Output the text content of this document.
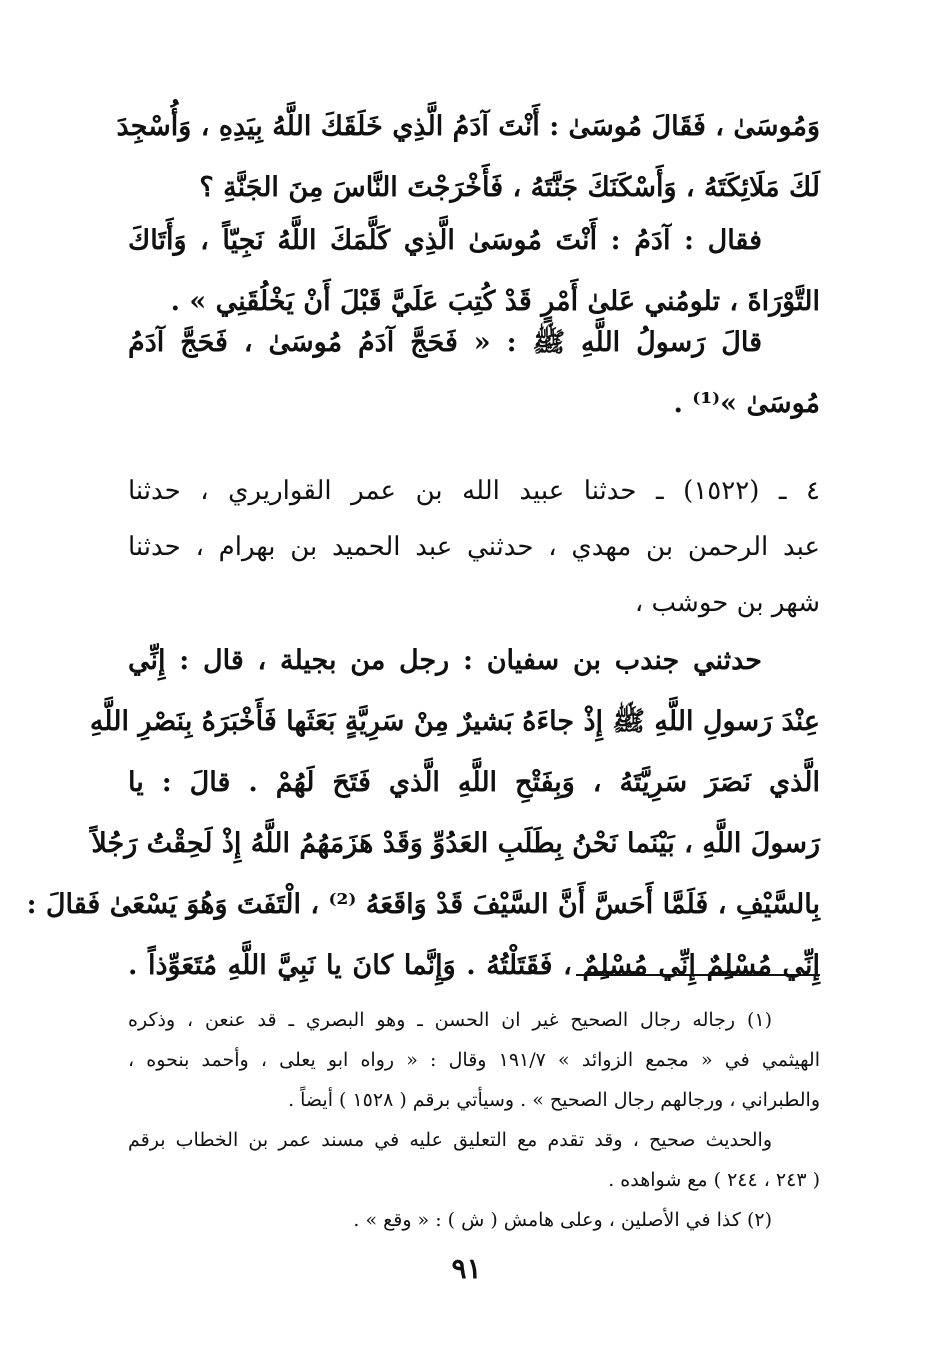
وَمُوسَىٰ ، فَقَالَ مُوسَىٰ : أَنْتَ آدَمُ الَّذِي خَلَقَكَ اللَّهُ بِيَدِهِ ، وَأُسْجِدَ
لَكَ مَلَائِكَتَهُ ، وَأَسْكَنَكَ جَنَّتَهُ ، فَأَخْرَجْتَ النَّاسَ مِنَ الجَنَّةِ ؟
فقال : آدَمُ : أَنْتَ مُوسَىٰ الَّذِي كَلَّمَكَ اللَّهُ نَجِيّاً ، وَأَتَاكَ
التَّوْرَاةَ ، تلومُني عَلىٰ أَمْرٍ قَدْ كُتِبَ عَلَيَّ قَبْلَ أَنْ يَخْلُقَنِي » .
قالَ رَسولُ اللَّهِ ﷺ : « فَحَجَّ آدَمُ مُوسَىٰ ، فَحَجَّ آدَمُ
مُوسَىٰ »⁽¹⁾ .
٤ ـ (١٥٢٢) ـ حدثنا عبيد الله بن عمر القواريري ، حدثنا
عبد الرحمن بن مهدي ، حدثني عبد الحميد بن بهرام ، حدثنا
شهر بن حوشب ،
حدثني جندب بن سفيان : رجل من بجيلة ، قال : إِنِّي
عِنْدَ رَسولِ اللَّهِ ﷺ إِذْ جاءَهُ بَشيرٌ مِنْ سَرِيَّةٍ بَعَثَها فَأَخْبَرَهُ بِنَصْرِ اللَّهِ
الَّذي نَصَرَ سَرِيَّتَهُ ، وَبِفَتْحِ اللَّهِ الَّذي فَتَحَ لَهُمْ . قالَ : يا
رَسولَ اللَّهِ ، بَيْنَما نَحْنُ بِطَلَبِ العَدُوِّ وَقَدْ هَزَمَهُمُ اللَّهُ إِذْ لَحِقْتُ رَجُلاً
بِالسَّيْفِ ، فَلَمَّا أَحَسَّ أَنَّ السَّيْفَ قَدْ وَاقَعَهُ ⁽²⁾ ، الْتَفَتَ وَهُوَ يَسْعَىٰ فَقالَ :
إِنِّي مُسْلِمٌ إِنِّي مُسْلِمٌ ، فَقَتَلْتُهُ . وَإِنَّما كانَ يا نَبِيَّ اللَّهِ مُتَعَوِّذاً .
(١) رجاله رجال الصحيح غير ان الحسن ـ وهو البصري ـ قد عنعن ، وذكره
الهيثمي في « مجمع الزوائد » ١٩١/٧ وقال : « رواه ابو يعلى ، وأحمد بنحوه ،
والطبراني ، ورجالهم رجال الصحيح » . وسيأتي برقم ( ١٥٢٨ ) أيضاً .
والحديث صحيح ، وقد تقدم مع التعليق عليه في مسند عمر بن الخطاب برقم
( ٢٤٣ ، ٢٤٤ ) مع شواهده .
(٢) كذا في الأصلين ، وعلى هامش ( ش ) : « وقع » .
٩١
